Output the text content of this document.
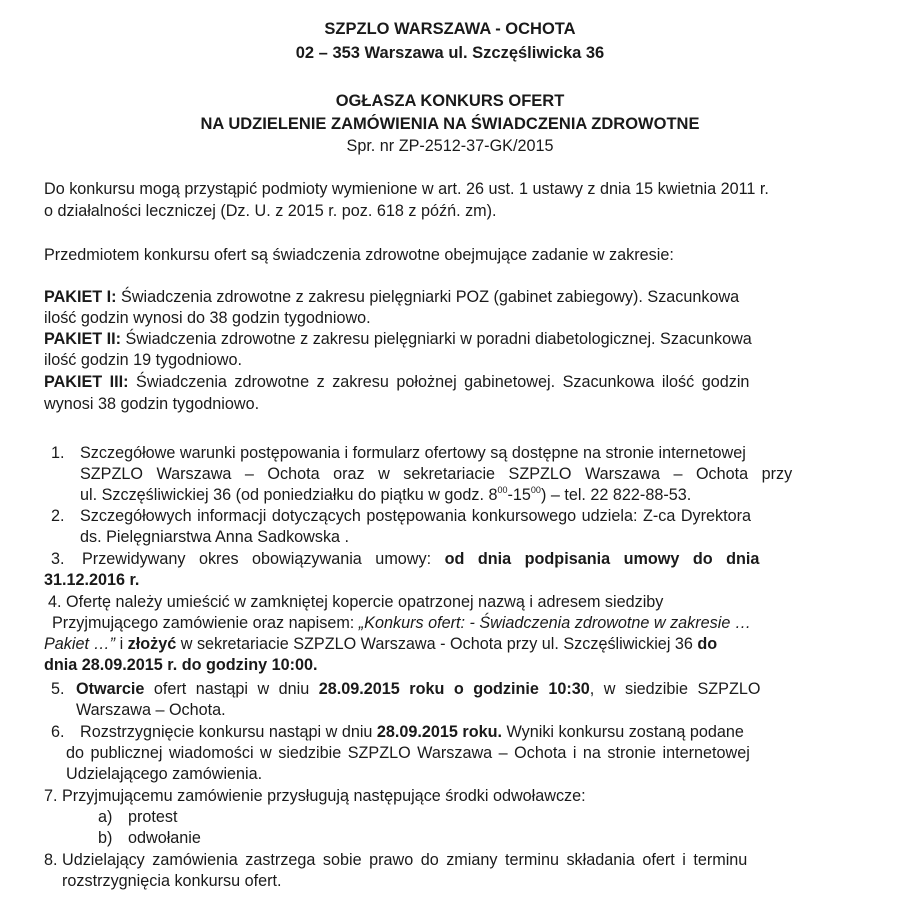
SZPZLO WARSZAWA - OCHOTA
02 – 353 Warszawa ul. Szczęśliwicka 36
OGŁASZA KONKURS OFERT
NA UDZIELENIE ZAMÓWIENIA NA ŚWIADCZENIA ZDROWOTNE
Spr. nr ZP-2512-37-GK/2015
Do konkursu mogą przystąpić podmioty wymienione w art. 26 ust. 1 ustawy z dnia 15 kwietnia 2011 r.
o działalności leczniczej (Dz. U. z 2015 r. poz. 618 z późń. zm).
Przedmiotem konkursu ofert są świadczenia zdrowotne obejmujące zadanie w zakresie:
PAKIET I: Świadczenia zdrowotne z zakresu pielęgniarki POZ (gabinet zabiegowy). Szacunkowa
ilość godzin wynosi do 38 godzin tygodniowo.
PAKIET II: Świadczenia zdrowotne z zakresu pielęgniarki w poradni diabetologicznej. Szacunkowa
ilość godzin 19 tygodniowo.
PAKIET III: Świadczenia zdrowotne z zakresu położnej gabinetowej. Szacunkowa ilość godzin
wynosi 38 godzin tygodniowo.
1. Szczegółowe warunki postępowania i formularz ofertowy są dostępne na stronie internetowej
SZPZLO Warszawa – Ochota oraz w sekretariacie SZPZLO Warszawa – Ochota przy
ul. Szczęśliwickiej 36 (od poniedziałku do piątku w godz. $8^{00}-15^{00}$) – tel. 22 822-88-53.
2. Szczegółowych informacji dotyczących postępowania konkursowego udziela: Z-ca Dyrektora
ds. Pielęgniarstwa Anna Sadkowska .
3. Przewidywany okres obowiązywania umowy: od dnia podpisania umowy do dnia
31.12.2016 r.
4. Ofertę należy umieścić w zamkniętej kopercie opatrzonej nazwą i adresem siedziby
Przyjmującego zamówienie oraz napisem: „Konkurs ofert: - Świadczenia zdrowotne w zakresie …
Pakiet …” i złożyć w sekretariacie SZPZLO Warszawa - Ochota przy ul. Szczęśliwickiej 36 do
dnia 28.09.2015 r. do godziny 10:00.
5. Otwarcie ofert nastąpi w dniu 28.09.2015 roku o godzinie 10:30, w siedzibie SZPZLO
Warszawa – Ochota.
6. Rozstrzygnięcie konkursu nastąpi w dniu 28.09.2015 roku. Wyniki konkursu zostaną podane
do publicznej wiadomości w siedzibie SZPZLO Warszawa – Ochota i na stronie internetowej
Udzielającego zamówienia.
7. Przyjmującemu zamówienie przysługują następujące środki odwoławcze:
a) protest
b) odwołanie
8. Udzielający zamówienia zastrzega sobie prawo do zmiany terminu składania ofert i terminu
rozstrzygnięcia konkursu ofert.
